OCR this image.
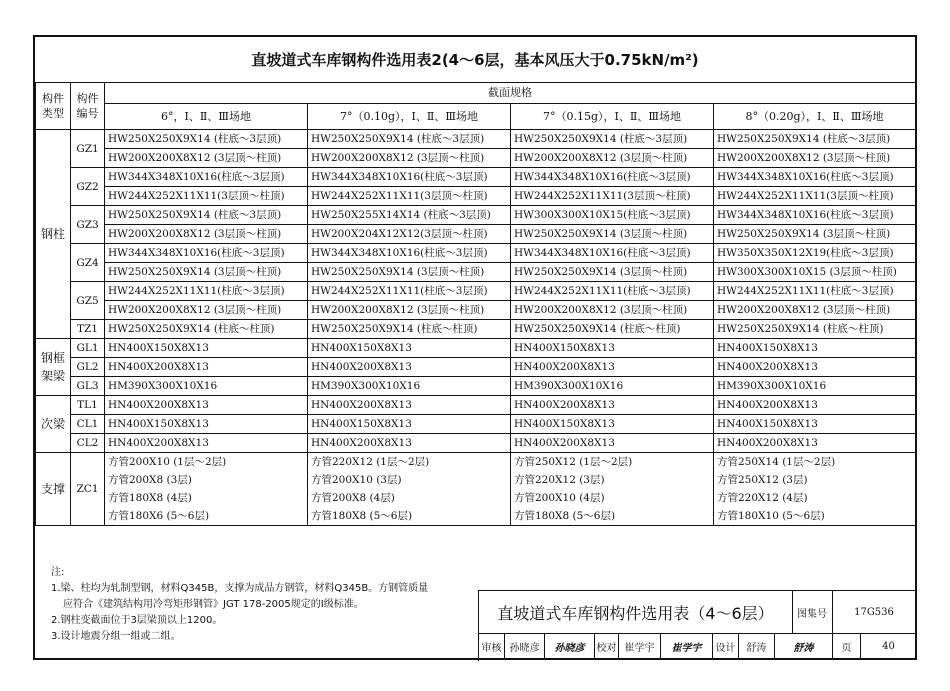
直坡道式车库钢构件选用表2(4～6层，基本风压大于0.75kN/m²)
构件类型	构件编号	截面规格			
		6°，Ⅰ、Ⅱ、Ⅲ场地	7°（0.10g），Ⅰ、Ⅱ、Ⅲ场地	7°（0.15g），Ⅰ、Ⅱ、Ⅲ场地	8°（0.20g），Ⅰ、Ⅱ、Ⅲ场地
钢柱	GZ1	HW250X250X9X14 (柱底～3层顶)	HW250X250X9X14 (柱底～3层顶)	HW250X250X9X14 (柱底～3层顶)	HW250X250X9X14 (柱底～3层顶)
		HW200X200X8X12 (3层顶～柱顶)	HW200X200X8X12 (3层顶～柱顶)	HW200X200X8X12 (3层顶～柱顶)	HW200X200X8X12 (3层顶～柱顶)
	GZ2	HW344X348X10X16(柱底～3层顶)	HW344X348X10X16(柱底～3层顶)	HW344X348X10X16(柱底～3层顶)	HW344X348X10X16(柱底～3层顶)
		HW244X252X11X11(3层顶～柱顶)	HW244X252X11X11(3层顶～柱顶)	HW244X252X11X11(3层顶～柱顶)	HW244X252X11X11(3层顶～柱顶)
	GZ3	HW250X250X9X14 (柱底～3层顶)	HW250X255X14X14 (柱底～3层顶)	HW300X300X10X15(柱底～3层顶)	HW344X348X10X16(柱底～3层顶)
		HW200X200X8X12 (3层顶～柱顶)	HW200X204X12X12(3层顶～柱顶)	HW250X250X9X14 (3层顶～柱顶)	HW250X250X9X14 (3层顶～柱顶)
	GZ4	HW344X348X10X16(柱底～3层顶)	HW344X348X10X16(柱底～3层顶)	HW344X348X10X16(柱底～3层顶)	HW350X350X12X19(柱底～3层顶)
		HW250X250X9X14 (3层顶～柱顶)	HW250X250X9X14 (3层顶～柱顶)	HW250X250X9X14 (3层顶～柱顶)	HW300X300X10X15 (3层顶～柱顶)
	GZ5	HW244X252X11X11(柱底～3层顶)	HW244X252X11X11(柱底～3层顶)	HW244X252X11X11(柱底～3层顶)	HW244X252X11X11(柱底～3层顶)
		HW200X200X8X12 (3层顶～柱顶)	HW200X200X8X12 (3层顶～柱顶)	HW200X200X8X12 (3层顶～柱顶)	HW200X200X8X12 (3层顶～柱顶)
	TZ1	HW250X250X9X14 (柱底～柱顶)	HW250X250X9X14 (柱底～柱顶)	HW250X250X9X14 (柱底～柱顶)	HW250X250X9X14 (柱底～柱顶)
钢框架梁	GL1	HN400X150X8X13	HN400X150X8X13	HN400X150X8X13	HN400X150X8X13
	GL2	HN400X200X8X13	HN400X200X8X13	HN400X200X8X13	HN400X200X8X13
	GL3	HM390X300X10X16	HM390X300X10X16	HM390X300X10X16	HM390X300X10X16
次梁	TL1	HN400X200X8X13	HN400X200X8X13	HN400X200X8X13	HN400X200X8X13
	CL1	HN400X150X8X13	HN400X150X8X13	HN400X150X8X13	HN400X150X8X13
	CL2	HN400X200X8X13	HN400X200X8X13	HN400X200X8X13	HN400X200X8X13
支撑	ZC1	方管200X10 (1层～2层)	方管220X12 (1层～2层)	方管250X12 (1层～2层)	方管250X14 (1层～2层)
		方管200X8 (3层)	方管200X10 (3层)	方管220X12 (3层)	方管250X12 (3层)
		方管180X8 (4层)	方管200X8 (4层)	方管200X10 (4层)	方管220X12 (4层)
		方管180X6 (5～6层)	方管180X8 (5～6层)	方管180X8 (5～6层)	方管180X10 (5～6层)
注:
1.梁、柱均为轧制型钢，材料Q345B，支撑为成品方钢管，材料Q345B。方钢管质量
应符合《建筑结构用冷弯矩形钢管》JGT 178-2005规定的Ⅰ级标准。
2.钢柱变截面位于3层梁顶以上1200。
3.设计地震分组一组或二组。
直坡道式车库钢构件选用表（4～6层）	图集号	17G536
审核 孙晓彦	孙晓彦	校对 崔学宇	崔学宇	设计	舒涛	舒涛	页	40
